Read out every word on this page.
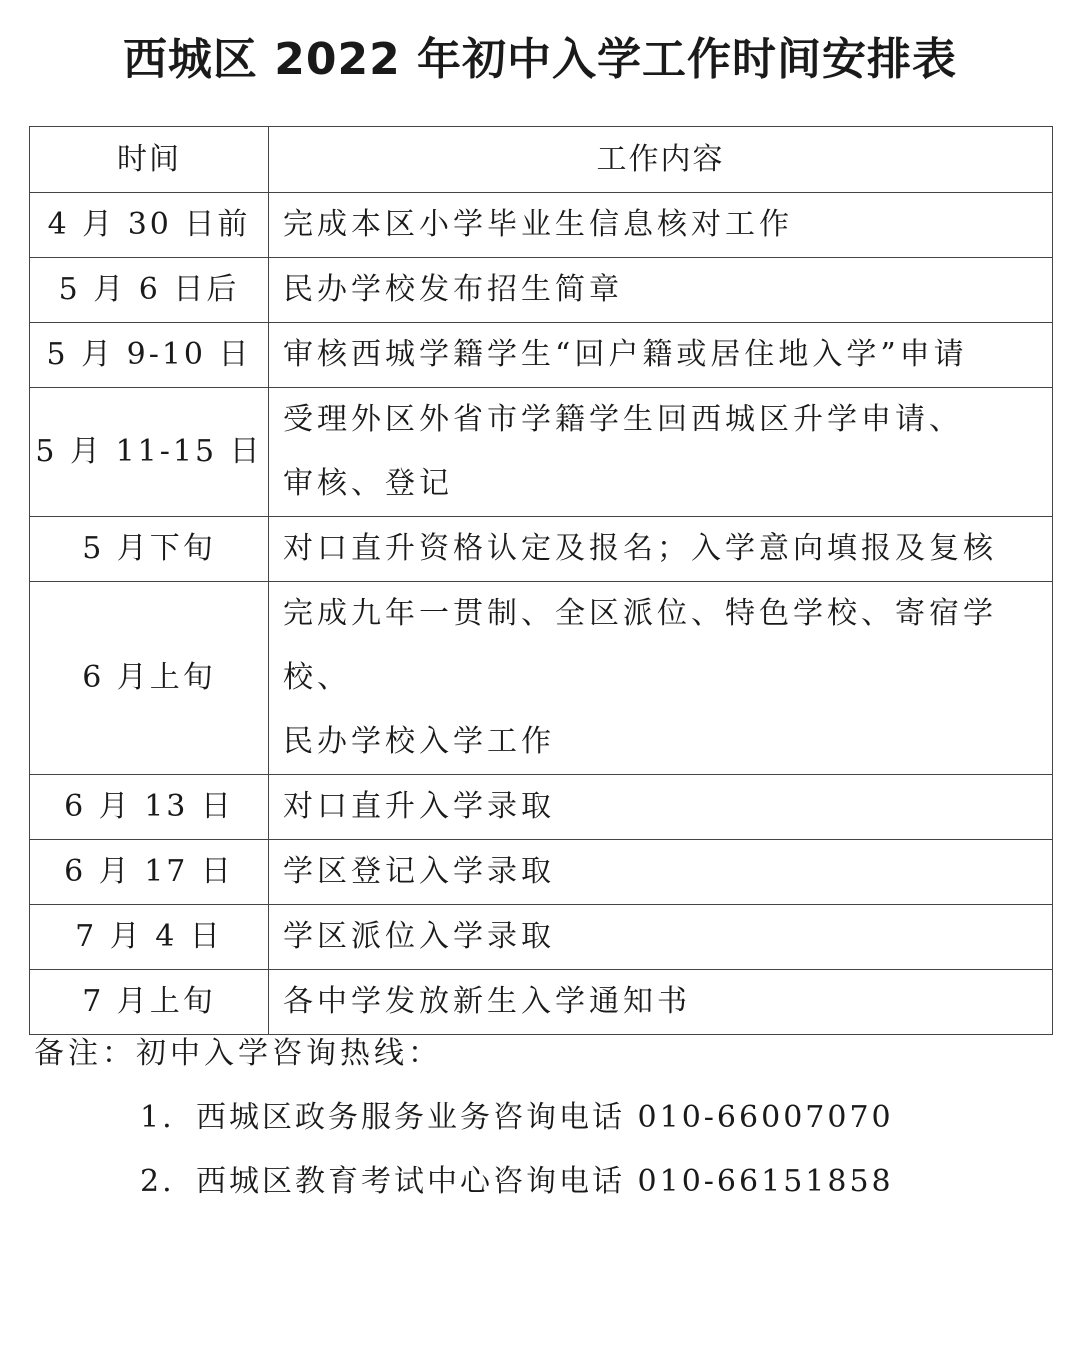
西城区 2022 年初中入学工作时间安排表
时间	工作内容
4 月 30 日前	完成本区小学毕业生信息核对工作
5 月 6 日后	民办学校发布招生简章
5 月 9-10 日	审核西城学籍学生“回户籍或居住地入学”申请
5 月 11-15 日	受理外区外省市学籍学生回西城区升学申请、
审核、登记
5 月下旬	对口直升资格认定及报名；入学意向填报及复核
6 月上旬	完成九年一贯制、全区派位、特色学校、寄宿学校、
民办学校入学工作
6 月 13 日	对口直升入学录取
6 月 17 日	学区登记入学录取
7 月 4 日	学区派位入学录取
7 月上旬	各中学发放新生入学通知书
备注：初中入学咨询热线：
1. 西城区政务服务业务咨询电话 010-66007070
2. 西城区教育考试中心咨询电话 010-66151858
